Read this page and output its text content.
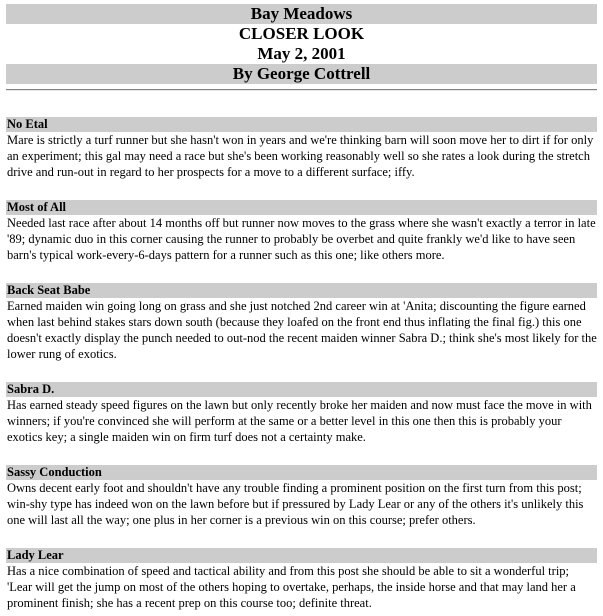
Bay Meadows
CLOSER LOOK
May 2, 2001
By George Cottrell
No Etal

Mare is strictly a turf runner but she hasn't won in years and we're thinking barn will soon move her to dirt if for only an experiment; this gal may need a race but she's been working reasonably well so she rates a look during the stretch drive and run-out in regard to her prospects for a move to a different surface; iffy.

Most of All

Needed last race after about 14 months off but runner now moves to the grass where she wasn't exactly a terror in late '89; dynamic duo in this corner causing the runner to probably be overbet and quite frankly we'd like to have seen barn's typical work-every-6-days pattern for a runner such as this one; like others more.

Back Seat Babe

Earned maiden win going long on grass and she just notched 2nd career win at 'Anita; discounting the figure earned when last behind stakes stars down south (because they loafed on the front end thus inflating the final fig.) this one doesn't exactly display the punch needed to out-nod the recent maiden winner Sabra D.; think she's most likely for the lower rung of exotics.

Sabra D.

Has earned steady speed figures on the lawn but only recently broke her maiden and now must face the move in with winners; if you're convinced she will perform at the same or a better level in this one then this is probably your exotics key; a single maiden win on firm turf does not a certainty make.

Sassy Conduction

Owns decent early foot and shouldn't have any trouble finding a prominent position on the first turn from this post; win-shy type has indeed won on the lawn before but if pressured by Lady Lear or any of the others it's unlikely this one will last all the way; one plus in her corner is a previous win on this course; prefer others.

Lady Lear

Has a nice combination of speed and tactical ability and from this post she should be able to sit a wonderful trip; 'Lear will get the jump on most of the others hoping to overtake, perhaps, the inside horse and that may land her a prominent finish; she has a recent prep on this course too; definite threat.
